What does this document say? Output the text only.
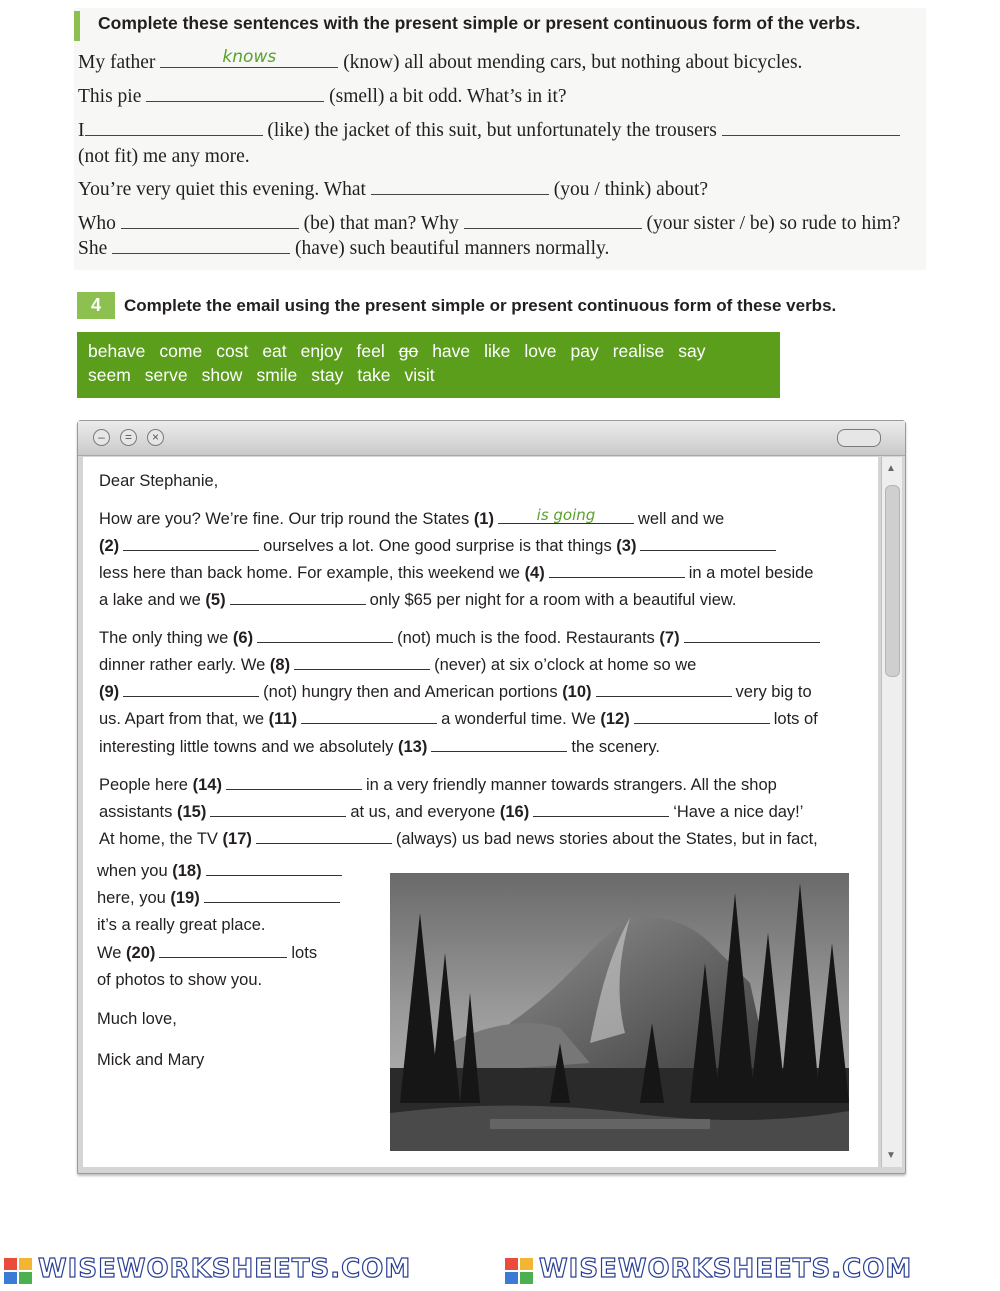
Complete these sentences with the present simple or present continuous form of the verbs.
My father	knows	(know) all about mending cars, but nothing about bicycles.
This pie	(smell) a bit odd. What’s in it?
I	(like) the jacket of this suit, but unfortunately the trousers
(not fit) me any more.
You’re very quiet this evening. What	(you / think) about?
Who	(be) that man? Why	(your sister / be) so rude to him?
She	(have) such beautiful manners normally.
4	Complete the email using the present simple or present continuous form of these verbs.
behave come cost eat enjoy feel go have like love pay realise say
seem serve show smile stay take visit
–	=	×
▲
▼
Dear Stephanie,
How are you? We’re fine. Our trip round the States (1)	is going	well and we
(2)	ourselves a lot. One good surprise is that things (3)
less here than back home. For example, this weekend we (4)	in a motel beside
a lake and we (5)	only $65 per night for a room with a beautiful view.
The only thing we (6)	(not) much is the food. Restaurants (7)
dinner rather early. We (8)	(never) at six o’clock at home so we
(9)	(not) hungry then and American portions (10)	very big to
us. Apart from that, we (11)	a wonderful time. We (12)	lots of
interesting little towns and we absolutely (13)	the scenery.
People here (14)	in a very friendly manner towards strangers. All the shop
assistants (15)	at us, and everyone (16)	‘Have a nice day!’
At home, the TV (17)	(always) us bad news stories about the States, but in fact,
when you (18)
here, you (19)
it’s a really great place.
We (20)	lots
of photos to show you.
Much love,
Mick and Mary
WISEWORKSHEETS.COM	WISEWORKSHEETS.COM
